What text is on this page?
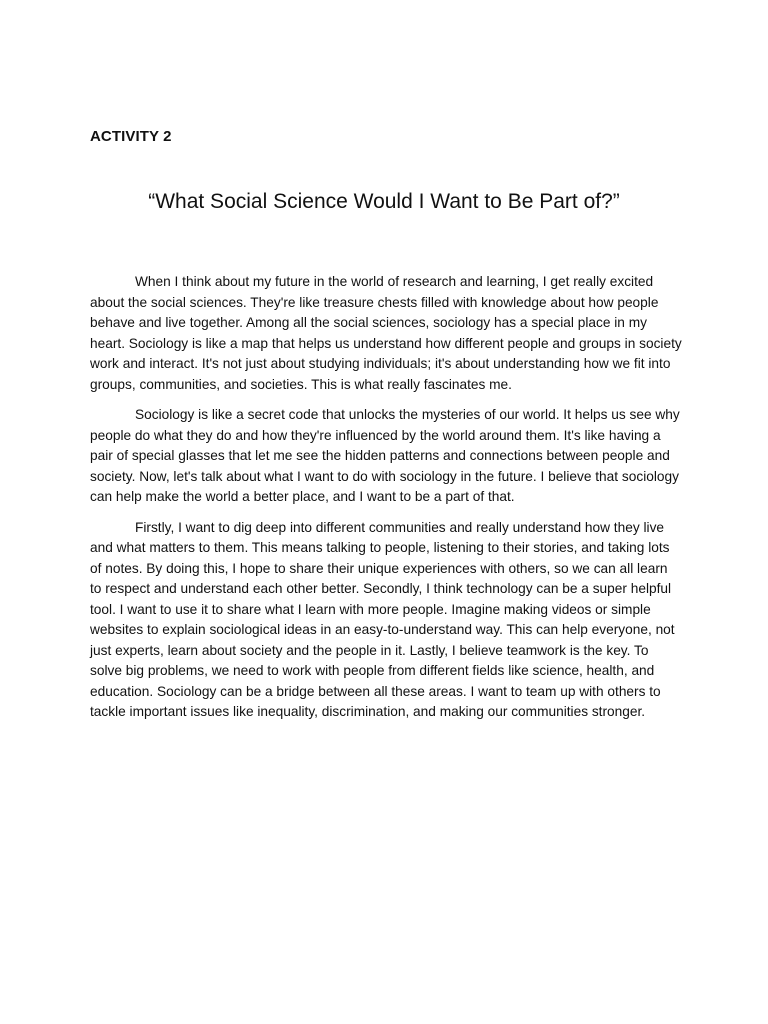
ACTIVITY 2
“What Social Science Would I Want to Be Part of?”

When I think about my future in the world of research and learning, I get really excited about the social sciences. They're like treasure chests filled with knowledge about how people behave and live together. Among all the social sciences, sociology has a special place in my heart. Sociology is like a map that helps us understand how different people and groups in society work and interact. It's not just about studying individuals; it's about understanding how we fit into groups, communities, and societies. This is what really fascinates me.

Sociology is like a secret code that unlocks the mysteries of our world. It helps us see why people do what they do and how they're influenced by the world around them. It's like having a pair of special glasses that let me see the hidden patterns and connections between people and society. Now, let's talk about what I want to do with sociology in the future. I believe that sociology can help make the world a better place, and I want to be a part of that.

Firstly, I want to dig deep into different communities and really understand how they live and what matters to them. This means talking to people, listening to their stories, and taking lots of notes. By doing this, I hope to share their unique experiences with others, so we can all learn to respect and understand each other better. Secondly, I think technology can be a super helpful tool. I want to use it to share what I learn with more people. Imagine making videos or simple websites to explain sociological ideas in an easy-to-understand way. This can help everyone, not just experts, learn about society and the people in it. Lastly, I believe teamwork is the key. To solve big problems, we need to work with people from different fields like science, health, and education. Sociology can be a bridge between all these areas. I want to team up with others to tackle important issues like inequality, discrimination, and making our communities stronger.
